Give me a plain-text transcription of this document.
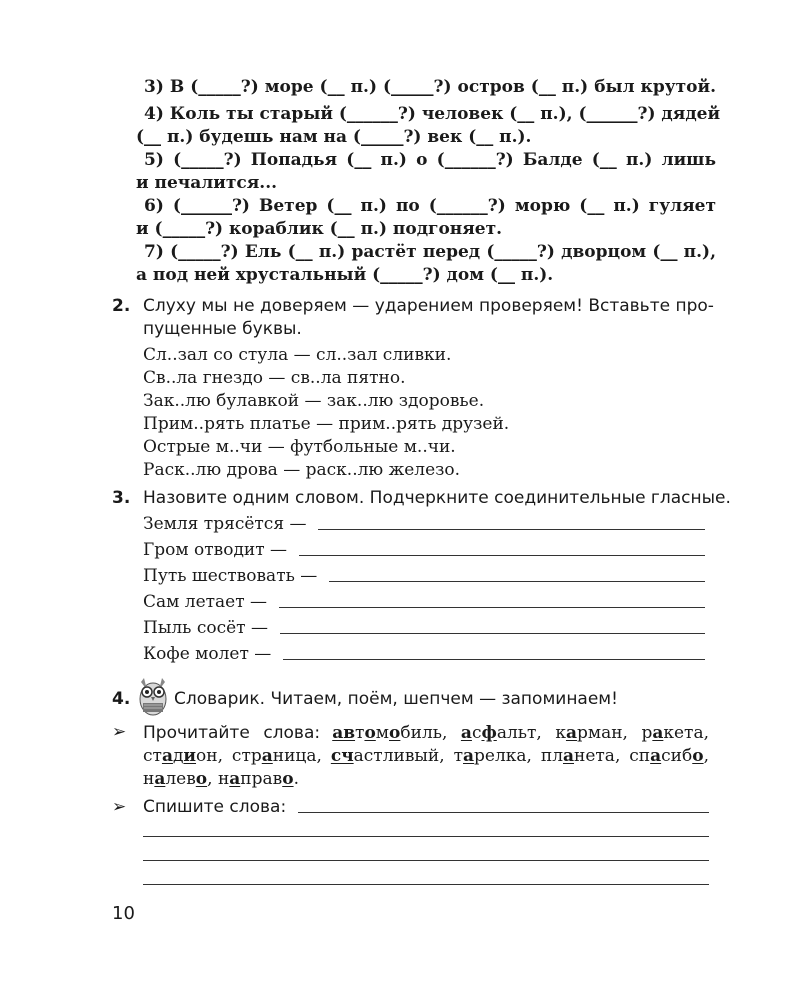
3) В (_____?) море (__ п.) (_____?) остров (__ п.) был крутой.
4) Коль ты старый (______?) человек (__ п.), (______?) дядей
(__ п.) будешь нам на (_____?) век (__ п.).
5) (_____?) Попадья (__ п.) о (______?) Балде (__ п.) лишь
и печалится...
6) (______?) Ветер (__ п.) по (______?) морю (__ п.) гуляет
и (_____?) кораблик (__ п.) подгоняет.
7) (_____?) Ель (__ п.) растёт перед (_____?) дворцом (__ п.),
а под ней хрустальный (_____?) дом (__ п.).
2. Слуху мы не доверяем — ударением проверяем! Вставьте про-
пущенные буквы.
Сл..зал со стула — сл..зал сливки.
Св..ла гнездо — св..ла пятно.
Зак..лю булавкой — зак..лю здоровье.
Прим..рять платье — прим..рять друзей.
Острые м..чи — футбольные м..чи.
Раск..лю дрова — раск..лю железо.
3. Назовите одним словом. Подчеркните соединительные гласные.
Земля трясётся —
Гром отводит —
Путь шествовать —
Сам летает —
Пыль сосёт —
Кофе молет —
4.	Словарик. Читаем, поём, шепчем — запоминаем!
➢ Прочитайте слова: автомобиль, асфальт, карман, ракета, стадион, страница, счастливый, тарелка, планета, спасибо, налево, направо.
➢ Спишите слова:
10
